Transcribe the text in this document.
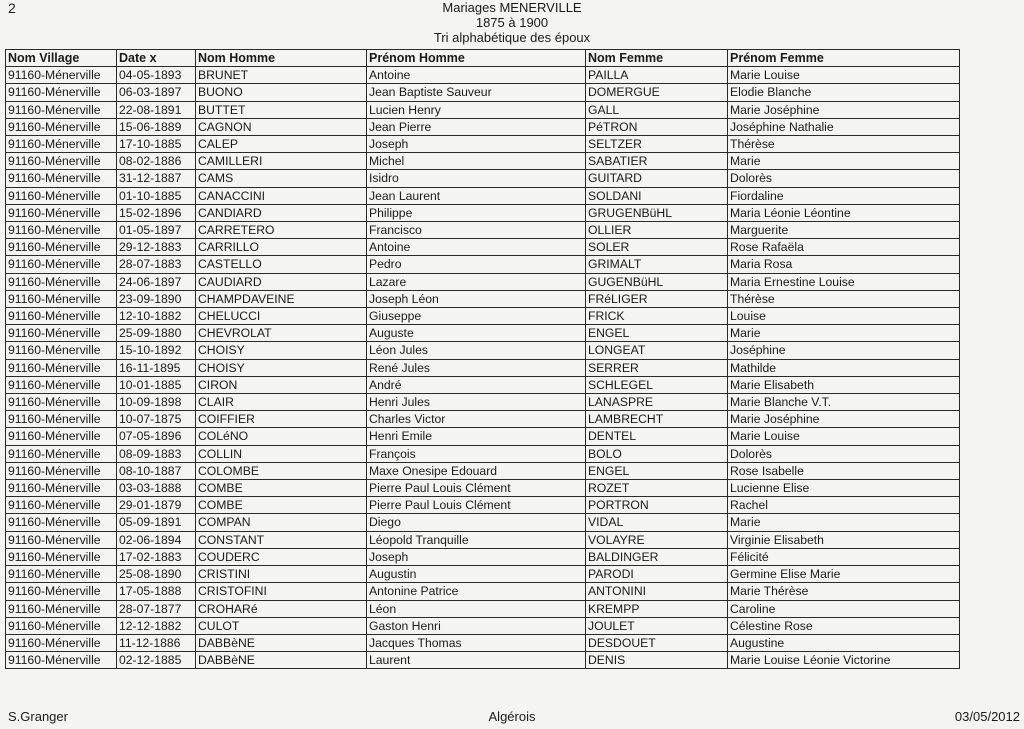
2	Mariages MENERVILLE
1875 à 1900
Tri alphabétique des époux
Nom Village	Date x	Nom Homme	Prénom Homme	Nom Femme	Prénom Femme
91160-Ménerville	04-05-1893	BRUNET	Antoine	PAILLA	Marie Louise
91160-Ménerville	06-03-1897	BUONO	Jean Baptiste Sauveur	DOMERGUE	Elodie Blanche
91160-Ménerville	22-08-1891	BUTTET	Lucien Henry	GALL	Marie Joséphine
91160-Ménerville	15-06-1889	CAGNON	Jean Pierre	PéTRON	Joséphine Nathalie
91160-Ménerville	17-10-1885	CALEP	Joseph	SELTZER	Thérèse
91160-Ménerville	08-02-1886	CAMILLERI	Michel	SABATIER	Marie
91160-Ménerville	31-12-1887	CAMS	Isidro	GUITARD	Dolorès
91160-Ménerville	01-10-1885	CANACCINI	Jean Laurent	SOLDANI	Fiordaline
91160-Ménerville	15-02-1896	CANDIARD	Philippe	GRUGENBüHL	Maria Léonie Léontine
91160-Ménerville	01-05-1897	CARRETERO	Francisco	OLLIER	Marguerite
91160-Ménerville	29-12-1883	CARRILLO	Antoine	SOLER	Rose Rafaëla
91160-Ménerville	28-07-1883	CASTELLO	Pedro	GRIMALT	Maria Rosa
91160-Ménerville	24-06-1897	CAUDIARD	Lazare	GUGENBüHL	Maria Ernestine Louise
91160-Ménerville	23-09-1890	CHAMPDAVEINE	Joseph Léon	FRéLIGER	Thérèse
91160-Ménerville	12-10-1882	CHELUCCI	Giuseppe	FRICK	Louise
91160-Ménerville	25-09-1880	CHEVROLAT	Auguste	ENGEL	Marie
91160-Ménerville	15-10-1892	CHOISY	Léon Jules	LONGEAT	Joséphine
91160-Ménerville	16-11-1895	CHOISY	René Jules	SERRER	Mathilde
91160-Ménerville	10-01-1885	CIRON	André	SCHLEGEL	Marie Elisabeth
91160-Ménerville	10-09-1898	CLAIR	Henri Jules	LANASPRE	Marie Blanche V.T.
91160-Ménerville	10-07-1875	COIFFIER	Charles Victor	LAMBRECHT	Marie Joséphine
91160-Ménerville	07-05-1896	COLéNO	Henri Emile	DENTEL	Marie Louise
91160-Ménerville	08-09-1883	COLLIN	François	BOLO	Dolorès
91160-Ménerville	08-10-1887	COLOMBE	Maxe Onesipe Edouard	ENGEL	Rose Isabelle
91160-Ménerville	03-03-1888	COMBE	Pierre Paul Louis Clément	ROZET	Lucienne Elise
91160-Ménerville	29-01-1879	COMBE	Pierre Paul Louis Clément	PORTRON	Rachel
91160-Ménerville	05-09-1891	COMPAN	Diego	VIDAL	Marie
91160-Ménerville	02-06-1894	CONSTANT	Léopold Tranquille	VOLAYRE	Virginie Elisabeth
91160-Ménerville	17-02-1883	COUDERC	Joseph	BALDINGER	Félicité
91160-Ménerville	25-08-1890	CRISTINI	Augustin	PARODI	Germine Elise Marie
91160-Ménerville	17-05-1888	CRISTOFINI	Antonine Patrice	ANTONINI	Marie Thérèse
91160-Ménerville	28-07-1877	CROHARé	Léon	KREMPP	Caroline
91160-Ménerville	12-12-1882	CULOT	Gaston Henri	JOULET	Célestine Rose
91160-Ménerville	11-12-1886	DABBèNE	Jacques Thomas	DESDOUET	Augustine
91160-Ménerville	02-12-1885	DABBèNE	Laurent	DENIS	Marie Louise Léonie Victorine
S.Granger	Algérois	03/05/2012
